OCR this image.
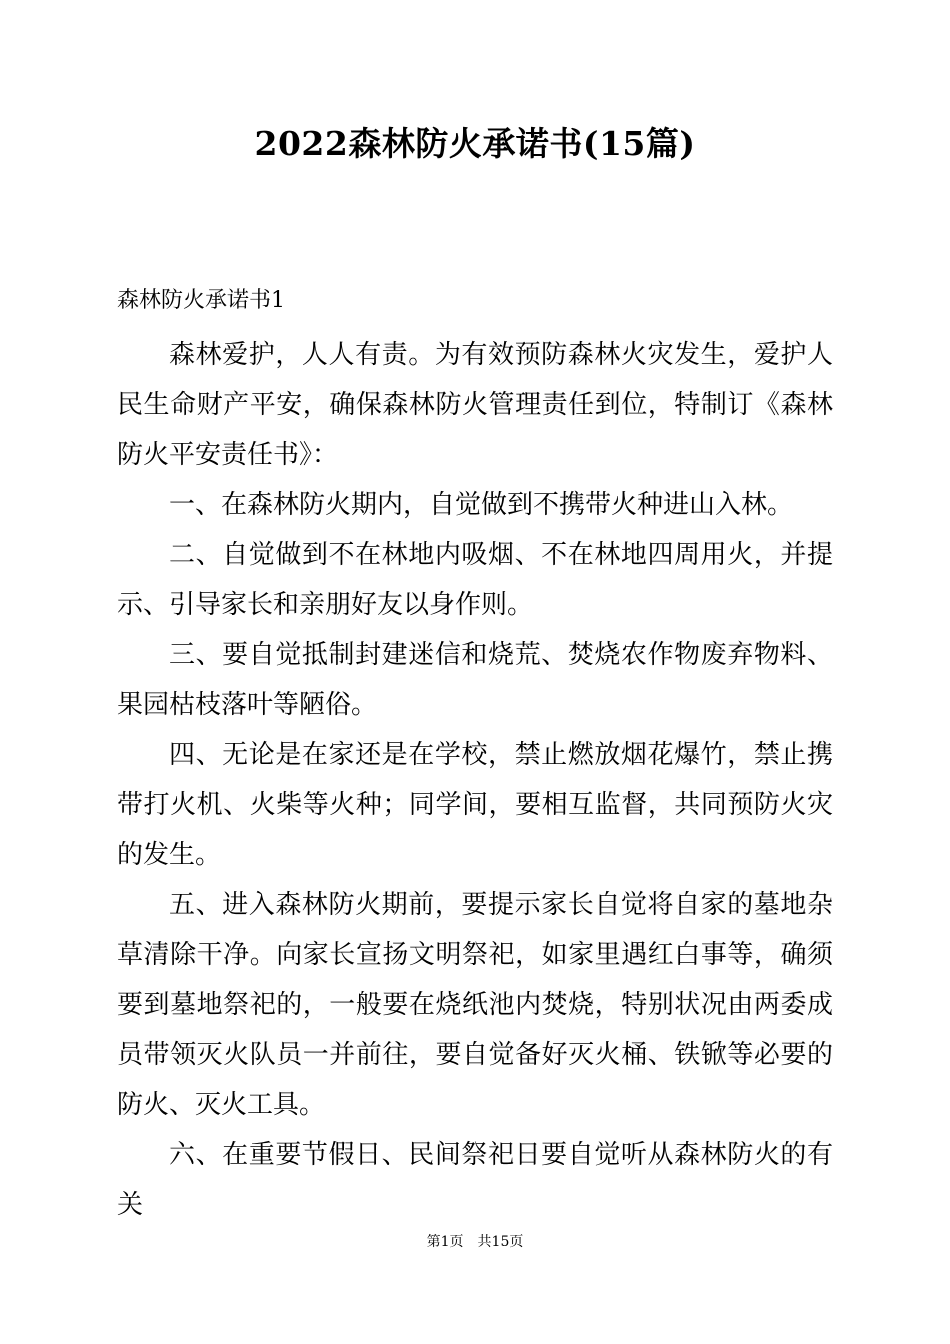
2022森林防火承诺书(15篇)
森林防火承诺书1

森林爱护，人人有责。为有效预防森林火灾发生，爱护人民生命财产平安，确保森林防火管理责任到位，特制订《森林防火平安责任书》：

一、在森林防火期内，自觉做到不携带火种进山入林。

二、自觉做到不在林地内吸烟、不在林地四周用火，并提示、引导家长和亲朋好友以身作则。

三、要自觉抵制封建迷信和烧荒、焚烧农作物废弃物料、果园枯枝落叶等陋俗。

四、无论是在家还是在学校，禁止燃放烟花爆竹，禁止携带打火机、火柴等火种；同学间，要相互监督，共同预防火灾的发生。

五、进入森林防火期前，要提示家长自觉将自家的墓地杂草清除干净。向家长宣扬文明祭祀，如家里遇红白事等，确须要到墓地祭祀的，一般要在烧纸池内焚烧，特别状况由两委成员带领灭火队员一并前往，要自觉备好灭火桶、铁锨等必要的防火、灭火工具。

六、在重要节假日、民间祭祀日要自觉听从森林防火的有关

第1页 共15页
